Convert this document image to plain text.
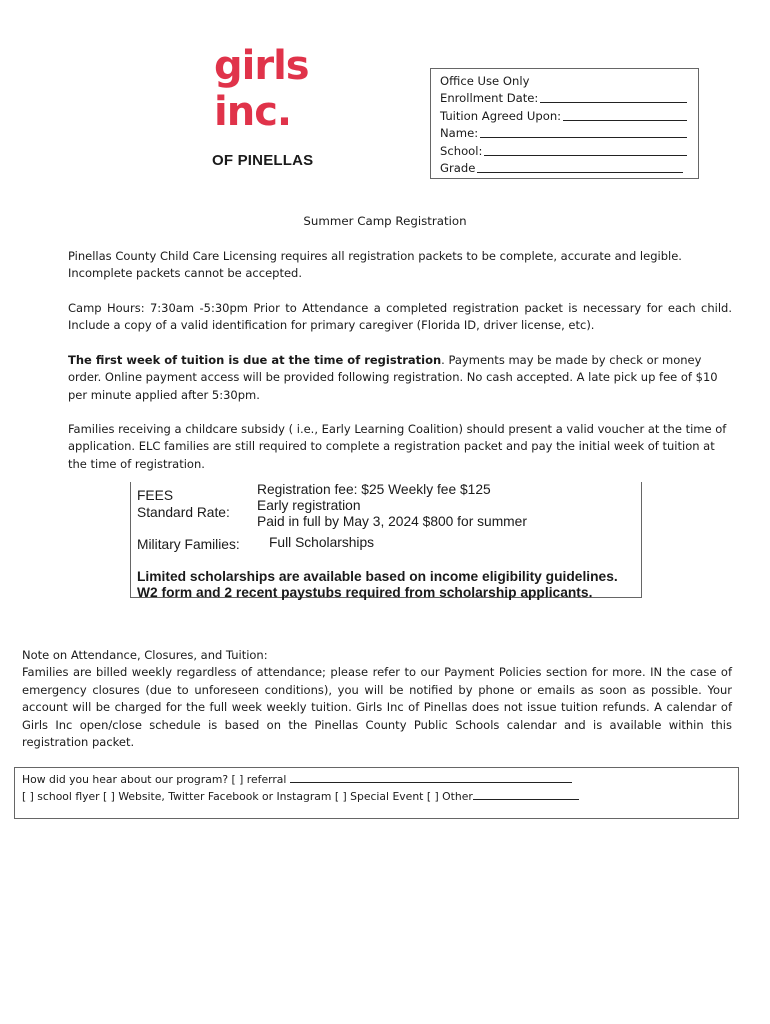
girls
inc.
OF PINELLAS
Office Use Only
Enrollment Date:
Tuition Agreed Upon:
Name:
School:
Grade
Summer Camp Registration
Pinellas County Child Care Licensing requires all registration packets to be complete, accurate and legible. Incomplete packets cannot be accepted.
Camp Hours: 7:30am -5:30pm Prior to Attendance a completed registration packet is necessary for each child. Include a copy of a valid identification for primary caregiver (Florida ID, driver license, etc).
The first week of tuition is due at the time of registration. Payments may be made by check or money order. Online payment access will be provided following registration. No cash accepted. A late pick up fee of $10 per minute applied after 5:30pm.
Families receiving a childcare subsidy ( i.e., Early Learning Coalition) should present a valid voucher at the time of application. ELC families are still required to complete a registration packet and pay the initial week of tuition at the time of registration.
FEES
Standard Rate:
Military Families:
Registration fee: $25 Weekly fee $125
Early registration
Paid in full by May 3, 2024 $800 for summer
Full Scholarships
Limited scholarships are available based on income eligibility guidelines.
W2 form and 2 recent paystubs required from scholarship applicants.
Note on Attendance, Closures, and Tuition:
Families are billed weekly regardless of attendance; please refer to our Payment Policies section for more. IN the case of emergency closures (due to unforeseen conditions), you will be notified by phone or emails as soon as possible. Your account will be charged for the full week weekly tuition. Girls Inc of Pinellas does not issue tuition refunds. A calendar of Girls Inc open/close schedule is based on the Pinellas County Public Schools calendar and is available within this registration packet.
How did you hear about our program? [ ] referral
[ ] school flyer [ ] Website, Twitter Facebook or Instagram [ ] Special Event [ ] Other
